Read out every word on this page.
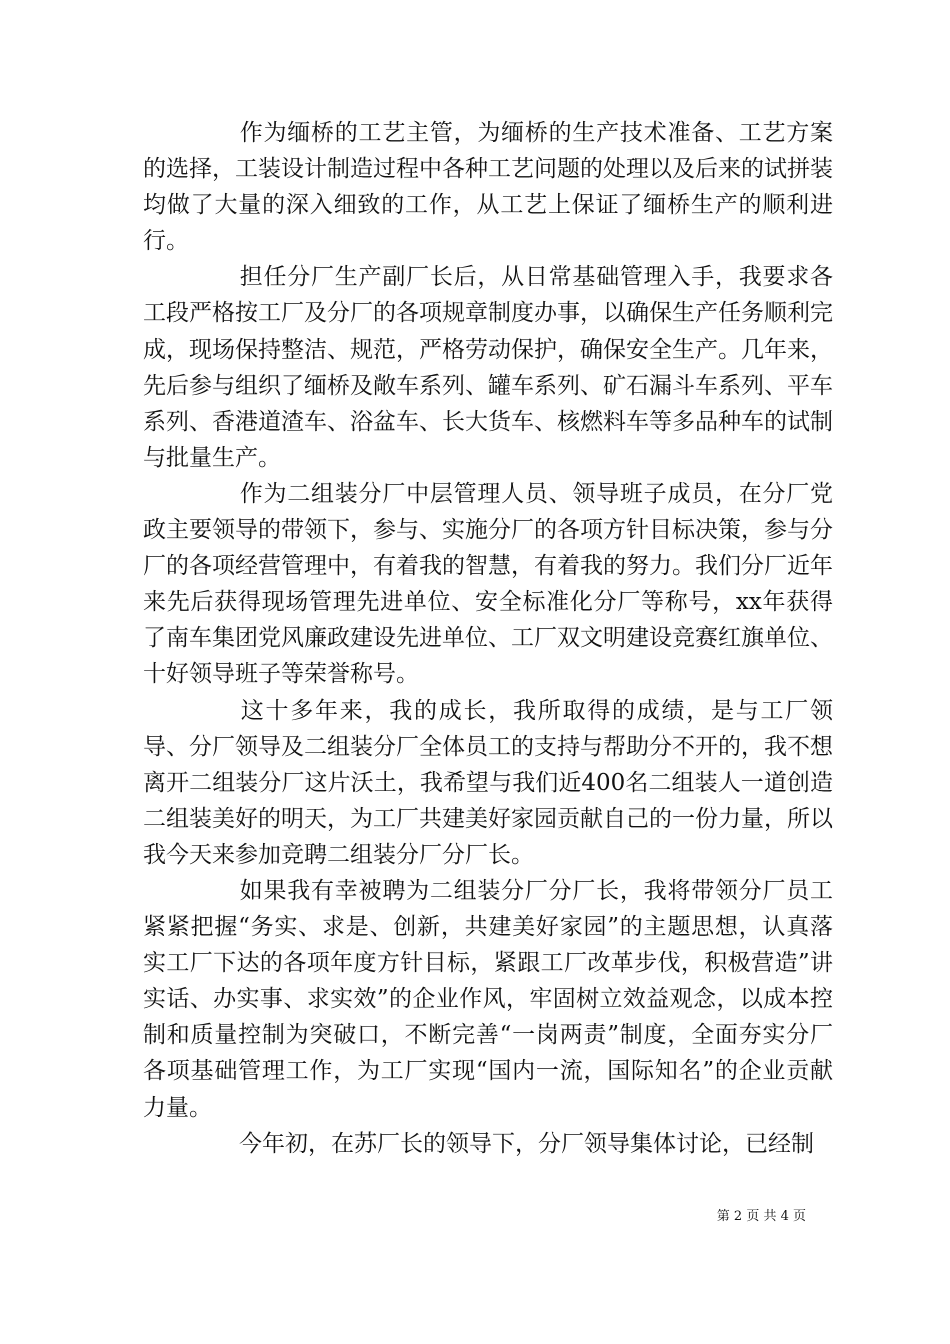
作为缅桥的工艺主管，为缅桥的生产技术准备、工艺方案的选择，工装设计制造过程中各种工艺问题的处理以及后来的试拼装均做了大量的深入细致的工作，从工艺上保证了缅桥生产的顺利进行。

担任分厂生产副厂长后，从日常基础管理入手，我要求各工段严格按工厂及分厂的各项规章制度办事，以确保生产任务顺利完成，现场保持整洁、规范，严格劳动保护，确保安全生产。几年来，先后参与组织了缅桥及敞车系列、罐车系列、矿石漏斗车系列、平车系列、香港道渣车、浴盆车、长大货车、核燃料车等多品种车的试制与批量生产。

作为二组装分厂中层管理人员、领导班子成员，在分厂党政主要领导的带领下，参与、实施分厂的各项方针目标决策，参与分厂的各项经营管理中，有着我的智慧，有着我的努力。我们分厂近年来先后获得现场管理先进单位、安全标准化分厂等称号，xx年获得了南车集团党风廉政建设先进单位、工厂双文明建设竞赛红旗单位、十好领导班子等荣誉称号。

这十多年来，我的成长，我所取得的成绩，是与工厂领导、分厂领导及二组装分厂全体员工的支持与帮助分不开的，我不想离开二组装分厂这片沃土，我希望与我们近400名二组装人一道创造二组装美好的明天，为工厂共建美好家园贡献自己的一份力量，所以我今天来参加竞聘二组装分厂分厂长。

如果我有幸被聘为二组装分厂分厂长，我将带领分厂员工紧紧把握“务实、求是、创新，共建美好家园”的主题思想，认真落实工厂下达的各项年度方针目标，紧跟工厂改革步伐，积极营造”讲实话、办实事、求实效”的企业作风，牢固树立效益观念，以成本控制和质量控制为突破口，不断完善“一岗两责”制度，全面夯实分厂各项基础管理工作，为工厂实现“国内一流，国际知名”的企业贡献力量。

今年初，在苏厂长的领导下，分厂领导集体讨论，已经制

第 2 页 共 4 页
